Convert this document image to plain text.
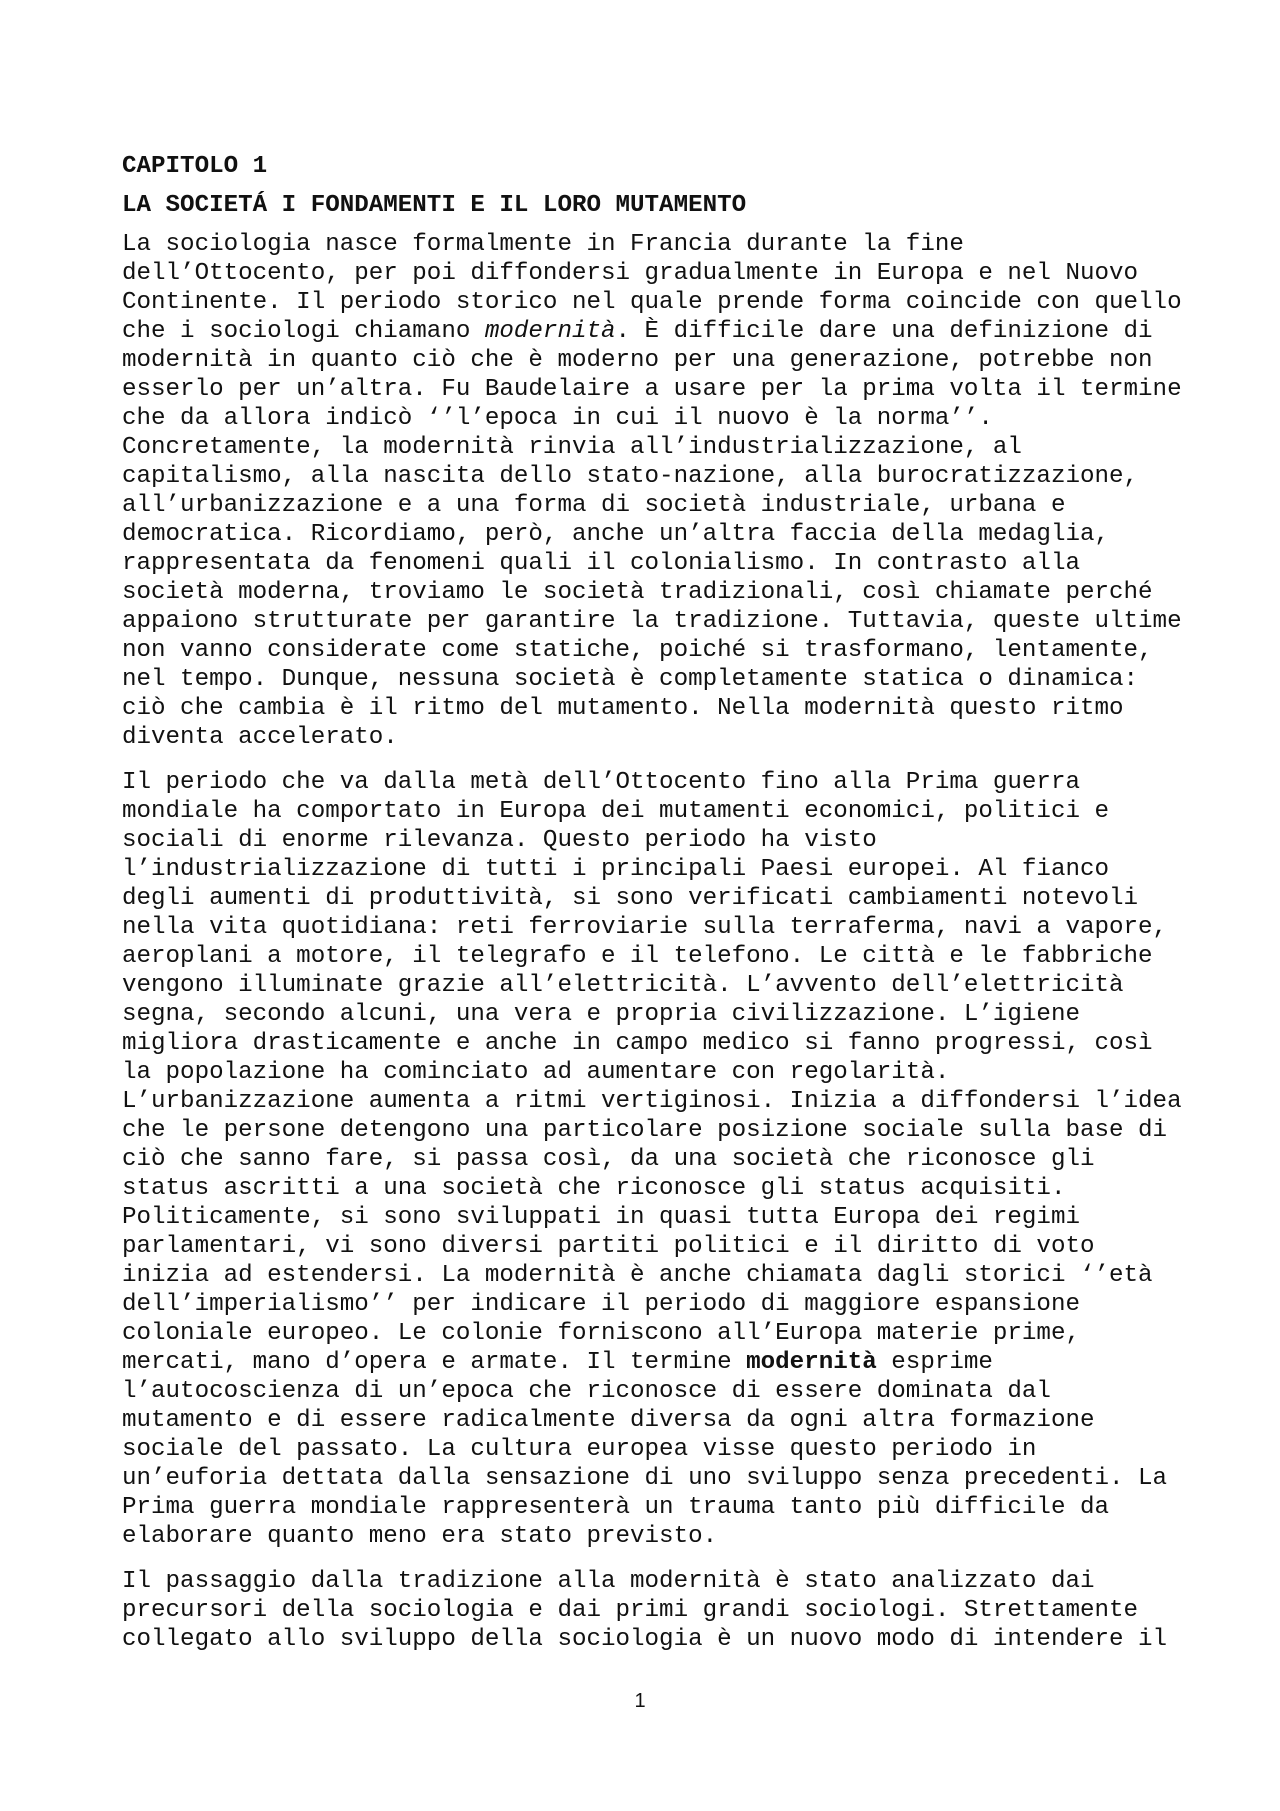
CAPITOLO 1

LA SOCIETÁ I FONDAMENTI E IL LORO MUTAMENTO

La sociologia nasce formalmente in Francia durante la fine
dell’Ottocento, per poi diffondersi gradualmente in Europa e nel Nuovo
Continente. Il periodo storico nel quale prende forma coincide con quello
che i sociologi chiamano modernità. È difficile dare una definizione di
modernità in quanto ciò che è moderno per una generazione, potrebbe non
esserlo per un’altra. Fu Baudelaire a usare per la prima volta il termine
che da allora indicò ‘’l’epoca in cui il nuovo è la norma’’.
Concretamente, la modernità rinvia all’industrializzazione, al
capitalismo, alla nascita dello stato-nazione, alla burocratizzazione,
all’urbanizzazione e a una forma di società industriale, urbana e
democratica. Ricordiamo, però, anche un’altra faccia della medaglia,
rappresentata da fenomeni quali il colonialismo. In contrasto alla
società moderna, troviamo le società tradizionali, così chiamate perché
appaiono strutturate per garantire la tradizione. Tuttavia, queste ultime
non vanno considerate come statiche, poiché si trasformano, lentamente,
nel tempo. Dunque, nessuna società è completamente statica o dinamica:
ciò che cambia è il ritmo del mutamento. Nella modernità questo ritmo
diventa accelerato.

Il periodo che va dalla metà dell’Ottocento fino alla Prima guerra
mondiale ha comportato in Europa dei mutamenti economici, politici e
sociali di enorme rilevanza. Questo periodo ha visto
l’industrializzazione di tutti i principali Paesi europei. Al fianco
degli aumenti di produttività, si sono verificati cambiamenti notevoli
nella vita quotidiana: reti ferroviarie sulla terraferma, navi a vapore,
aeroplani a motore, il telegrafo e il telefono. Le città e le fabbriche
vengono illuminate grazie all’elettricità. L’avvento dell’elettricità
segna, secondo alcuni, una vera e propria civilizzazione. L’igiene
migliora drasticamente e anche in campo medico si fanno progressi, così
la popolazione ha cominciato ad aumentare con regolarità.
L’urbanizzazione aumenta a ritmi vertiginosi. Inizia a diffondersi l’idea
che le persone detengono una particolare posizione sociale sulla base di
ciò che sanno fare, si passa così, da una società che riconosce gli
status ascritti a una società che riconosce gli status acquisiti.
Politicamente, si sono sviluppati in quasi tutta Europa dei regimi
parlamentari, vi sono diversi partiti politici e il diritto di voto
inizia ad estendersi. La modernità è anche chiamata dagli storici ‘’età
dell’imperialismo’’ per indicare il periodo di maggiore espansione
coloniale europeo. Le colonie forniscono all’Europa materie prime,
mercati, mano d’opera e armate. Il termine modernità esprime
l’autocoscienza di un’epoca che riconosce di essere dominata dal
mutamento e di essere radicalmente diversa da ogni altra formazione
sociale del passato. La cultura europea visse questo periodo in
un’euforia dettata dalla sensazione di uno sviluppo senza precedenti. La
Prima guerra mondiale rappresenterà un trauma tanto più difficile da
elaborare quanto meno era stato previsto.

Il passaggio dalla tradizione alla modernità è stato analizzato dai
precursori della sociologia e dai primi grandi sociologi. Strettamente
collegato allo sviluppo della sociologia è un nuovo modo di intendere il

1
